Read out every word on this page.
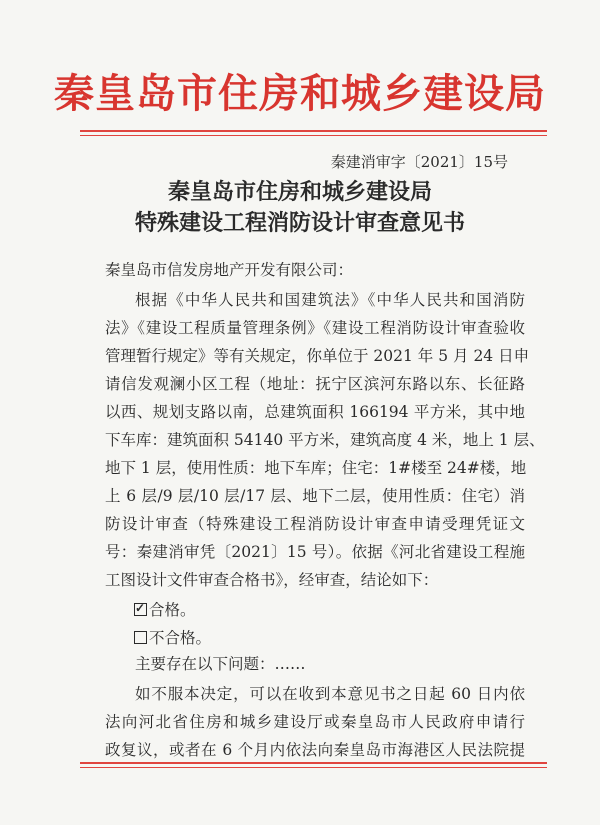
秦皇岛市住房和城乡建设局
秦建消审字〔2021〕15号
秦皇岛市住房和城乡建设局
特殊建设工程消防设计审查意见书
秦皇岛市信发房地产开发有限公司：
根据《中华人民共和国建筑法》《中华人民共和国消防
法》《建设工程质量管理条例》《建设工程消防设计审查验收
管理暂行规定》等有关规定，你单位于 2021 年 5 月 24 日申
请信发观澜小区工程（地址：抚宁区滨河东路以东、长征路
以西、规划支路以南，总建筑面积 166194 平方米，其中地
下车库：建筑面积 54140 平方米，建筑高度 4 米，地上 1 层、
地下 1 层，使用性质：地下车库；住宅：1#楼至 24#楼，地
上 6 层/9 层/10 层/17 层、地下二层，使用性质：住宅）消
防设计审查（特殊建设工程消防设计审查申请受理凭证文
号：秦建消审凭〔2021〕15 号）。依据《河北省建设工程施
工图设计文件审查合格书》，经审查，结论如下：
✓合格。
不合格。
主要存在以下问题：……
如不服本决定，可以在收到本意见书之日起 60 日内依
法向河北省住房和城乡建设厅或秦皇岛市人民政府申请行
政复议，或者在 6 个月内依法向秦皇岛市海港区人民法院提
